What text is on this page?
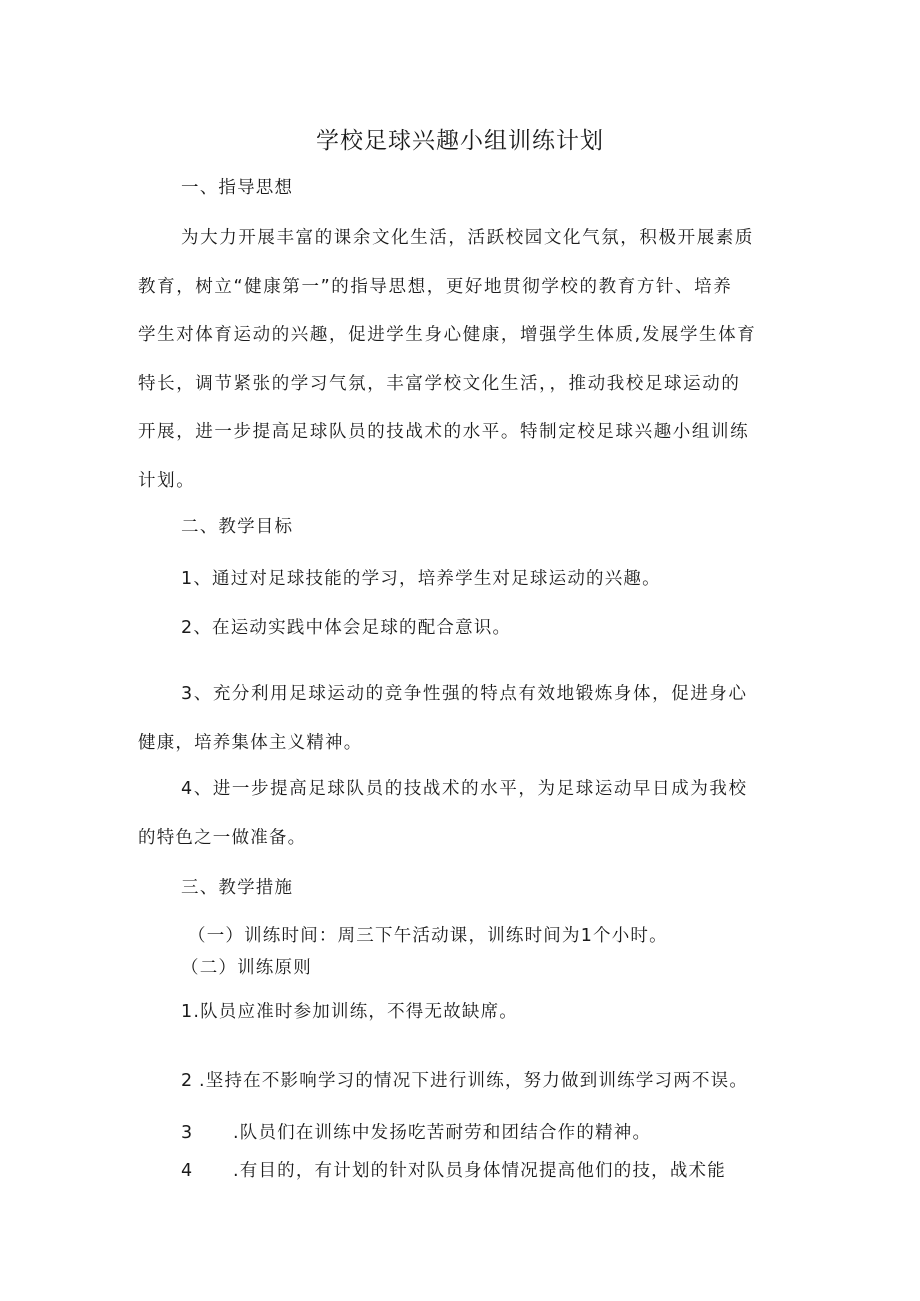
学校足球兴趣小组训练计划

一、指导思想

为大力开展丰富的课余文化生活，活跃校园文化气氛，积极开展素质
教育，树立“健康第一”的指导思想，更好地贯彻学校的教育方针、培养
学生对体育运动的兴趣，促进学生身心健康，增强学生体质,发展学生体育
特长，调节紧张的学习气氛，丰富学校文化生活，，推动我校足球运动的
开展，进一步提高足球队员的技战术的水平。特制定校足球兴趣小组训练
计划。

二、教学目标

1、通过对足球技能的学习，培养学生对足球运动的兴趣。

2、在运动实践中体会足球的配合意识。

3、充分利用足球运动的竞争性强的特点有效地锻炼身体，促进身心

健康，培养集体主义精神。

4、进一步提高足球队员的技战术的水平，为足球运动早日成为我校

的特色之一做准备。

三、教学措施

（一）训练时间：周三下午活动课，训练时间为1个小时。

（二）训练原则

1.队员应准时参加训练，不得无故缺席。

2 .坚持在不影响学习的情况下进行训练，努力做到训练学习两不误。

3 .队员们在训练中发扬吃苦耐劳和团结合作的精神。

4 .有目的，有计划的针对队员身体情况提高他们的技，战术能
